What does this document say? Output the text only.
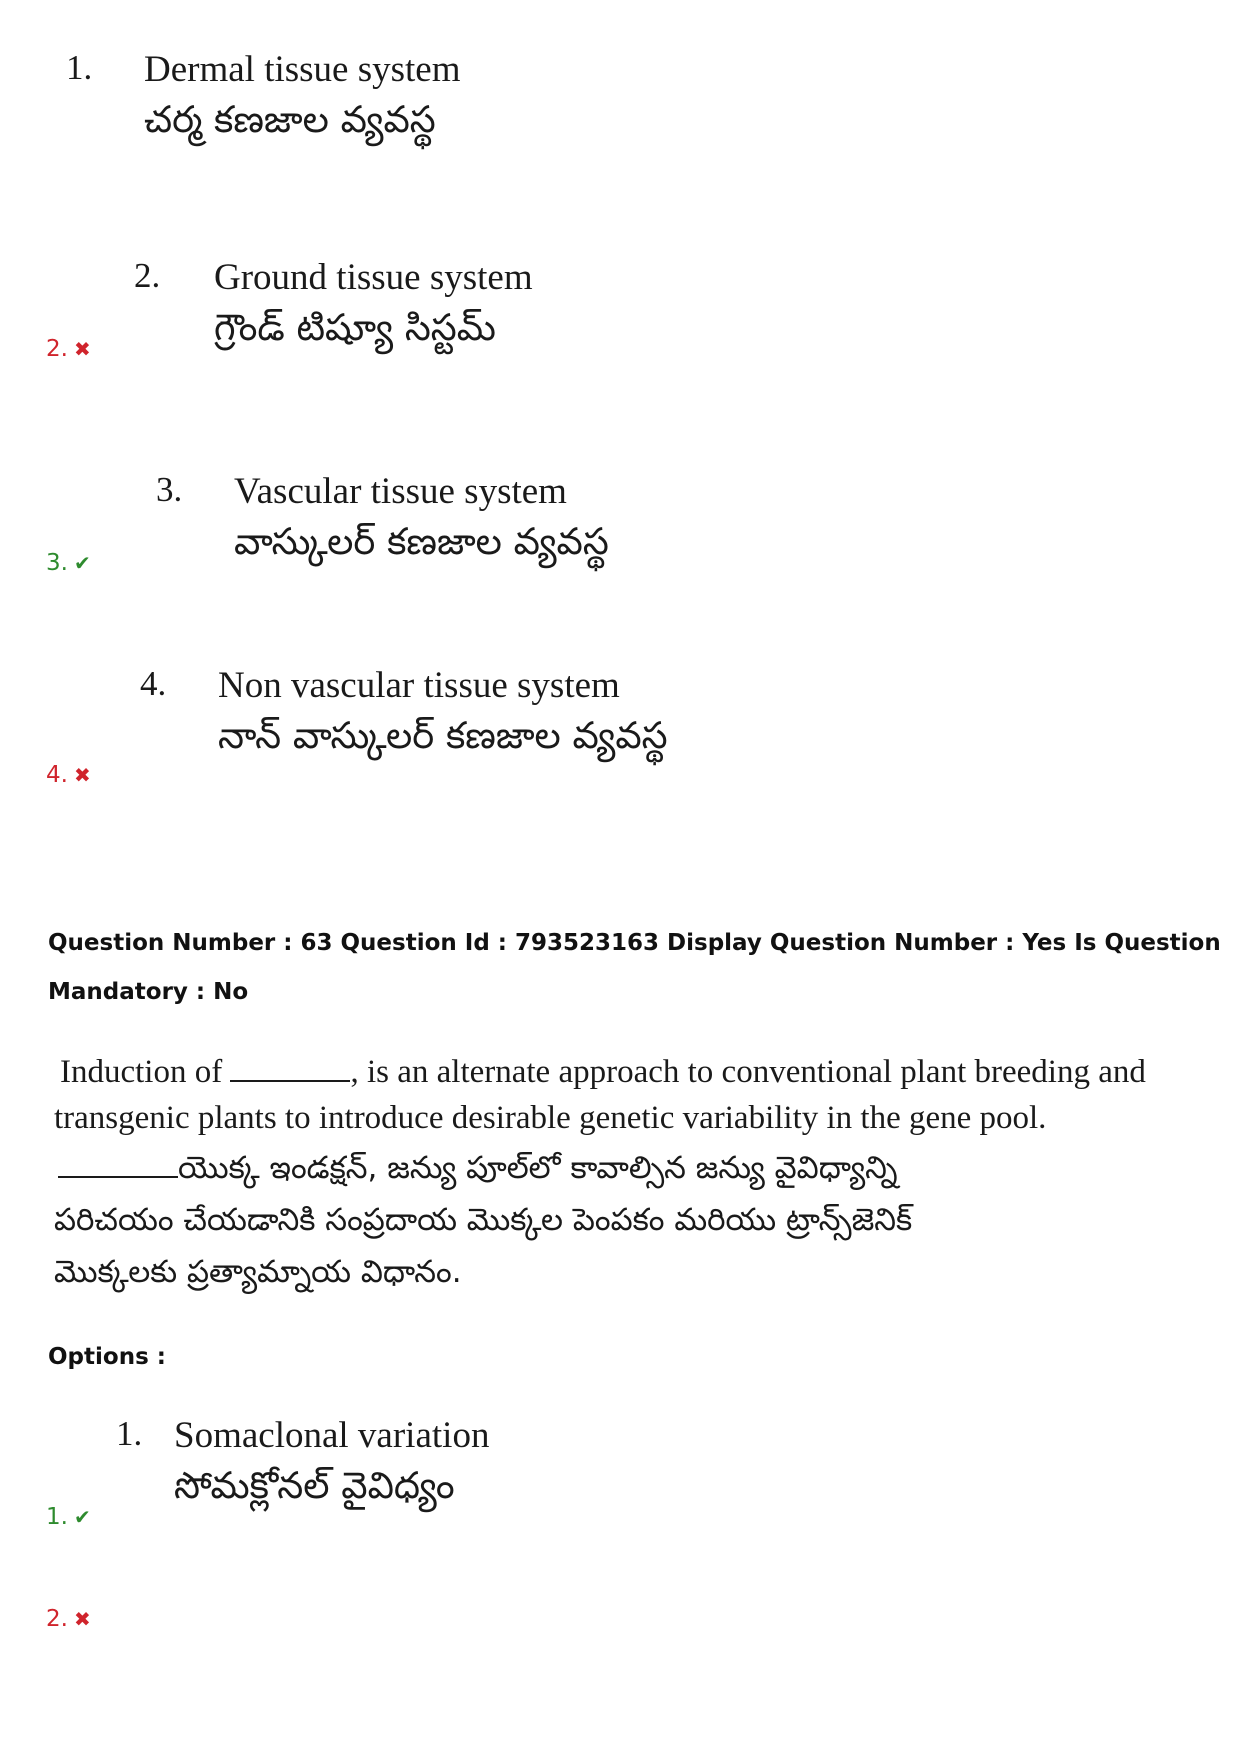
1. Dermal tissue system
చర్మ కణజాల వ్యవస్థ
2. Ground tissue system
గ్రౌండ్ టిష్యూ సిస్టమ్
2. ✖
3. Vascular tissue system
వాస్కులర్ కణజాల వ్యవస్థ
3. ✔
4. Non vascular tissue system
నాన్ వాస్కులర్ కణజాల వ్యవస్థ
4. ✖
Question Number : 63 Question Id : 793523163 Display Question Number : Yes Is Question
Mandatory : No
Induction of	, is an alternate approach to conventional plant breeding and
transgenic plants to introduce desirable genetic variability in the gene pool.
యొక్క ఇండక్షన్, జన్యు పూల్‌లో కావాల్సిన జన్యు వైవిధ్యాన్ని
పరిచయం చేయడానికి సంప్రదాయ మొక్కల పెంపకం మరియు ట్రాన్స్‌జెనిక్
మొక్కలకు ప్రత్యామ్నాయ విధానం.
Options :
1. Somaclonal variation
సోమక్లోనల్ వైవిధ్యం
1. ✔
2. ✖
